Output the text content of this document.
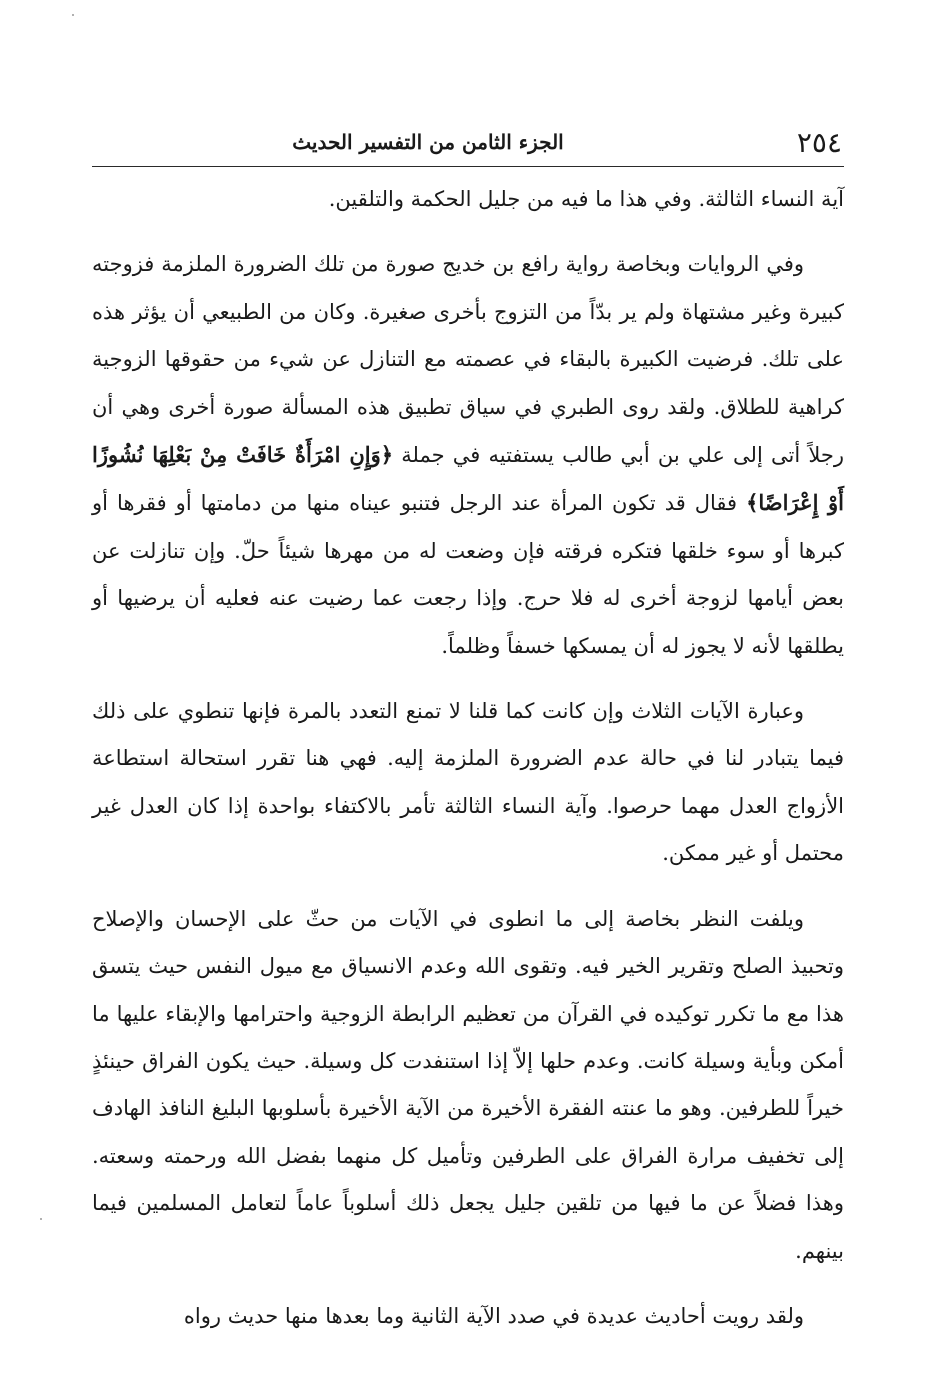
٢٥٤
الجزء الثامن من التفسير الحديث

آية النساء الثالثة. وفي هذا ما فيه من جليل الحكمة والتلقين.

وفي الروايات وبخاصة رواية رافع بن خديج صورة من تلك الضرورة الملزمة فزوجته كبيرة وغير مشتهاة ولم ير بدّاً من التزوج بأخرى صغيرة. وكان من الطبيعي أن يؤثر هذه على تلك. فرضيت الكبيرة بالبقاء في عصمته مع التنازل عن شيء من حقوقها الزوجية كراهية للطلاق. ولقد روى الطبري في سياق تطبيق هذه المسألة صورة أخرى وهي أن رجلاً أتى إلى علي بن أبي طالب يستفتيه في جملة ﴿وَإِنِ امْرَأَةٌ خَافَتْ مِنْ بَعْلِهَا نُشُوزًا أَوْ إِعْرَاضًا﴾ فقال قد تكون المرأة عند الرجل فتنبو عيناه منها من دمامتها أو فقرها أو كبرها أو سوء خلقها فتكره فرقته فإن وضعت له من مهرها شيئاً حلّ. وإن تنازلت عن بعض أيامها لزوجة أخرى له فلا حرج. وإذا رجعت عما رضيت عنه فعليه أن يرضيها أو يطلقها لأنه لا يجوز له أن يمسكها خسفاً وظلماً.

وعبارة الآيات الثلاث وإن كانت كما قلنا لا تمنع التعدد بالمرة فإنها تنطوي على ذلك فيما يتبادر لنا في حالة عدم الضرورة الملزمة إليه. فهي هنا تقرر استحالة استطاعة الأزواج العدل مهما حرصوا. وآية النساء الثالثة تأمر بالاكتفاء بواحدة إذا كان العدل غير محتمل أو غير ممكن.

ويلفت النظر بخاصة إلى ما انطوى في الآيات من حثّ على الإحسان والإصلاح وتحبيذ الصلح وتقرير الخير فيه. وتقوى الله وعدم الانسياق مع ميول النفس حيث يتسق هذا مع ما تكرر توكيده في القرآن من تعظيم الرابطة الزوجية واحترامها والإبقاء عليها ما أمكن وبأية وسيلة كانت. وعدم حلها إلاّ إذا استنفدت كل وسيلة. حيث يكون الفراق حينئذٍ خيراً للطرفين. وهو ما عنته الفقرة الأخيرة من الآية الأخيرة بأسلوبها البليغ النافذ الهادف إلى تخفيف مرارة الفراق على الطرفين وتأميل كل منهما بفضل الله ورحمته وسعته. وهذا فضلاً عن ما فيها من تلقين جليل يجعل ذلك أسلوباً عاماً لتعامل المسلمين فيما بينهم.

ولقد رويت أحاديث عديدة في صدد الآية الثانية وما بعدها منها حديث رواه
